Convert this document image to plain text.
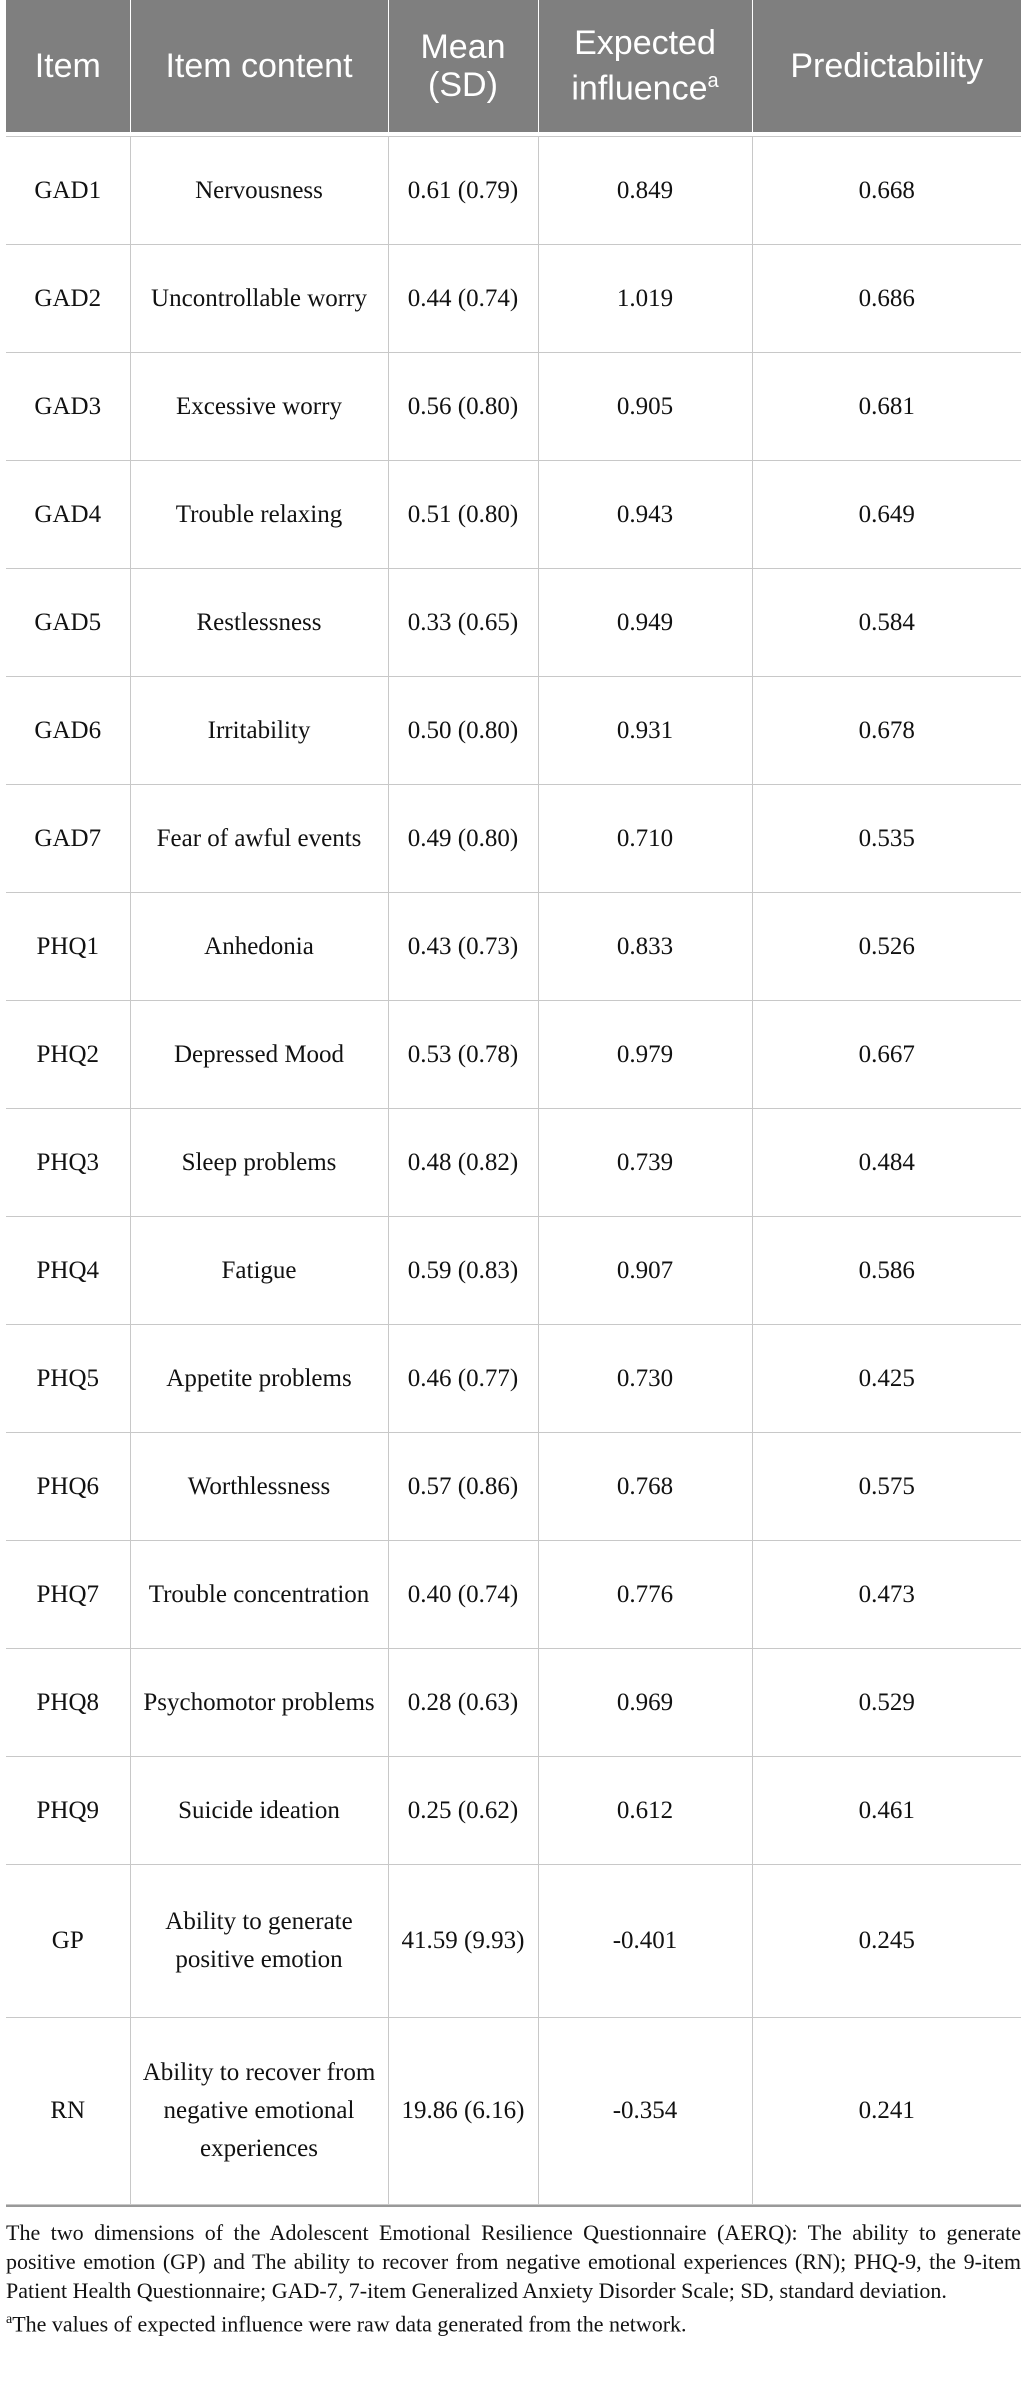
Item	Item content	Mean (SD)	Expected influence$^a$	Predictability

GAD1	Nervousness	0.61 (0.79)	0.849	0.668
GAD2	Uncontrollable worry	0.44 (0.74)	1.019	0.686
GAD3	Excessive worry	0.56 (0.80)	0.905	0.681
GAD4	Trouble relaxing	0.51 (0.80)	0.943	0.649
GAD5	Restlessness	0.33 (0.65)	0.949	0.584
GAD6	Irritability	0.50 (0.80)	0.931	0.678
GAD7	Fear of awful events	0.49 (0.80)	0.710	0.535
PHQ1	Anhedonia	0.43 (0.73)	0.833	0.526
PHQ2	Depressed Mood	0.53 (0.78)	0.979	0.667
PHQ3	Sleep problems	0.48 (0.82)	0.739	0.484
PHQ4	Fatigue	0.59 (0.83)	0.907	0.586
PHQ5	Appetite problems	0.46 (0.77)	0.730	0.425
PHQ6	Worthlessness	0.57 (0.86)	0.768	0.575
PHQ7	Trouble concentration	0.40 (0.74)	0.776	0.473
PHQ8	Psychomotor problems	0.28 (0.63)	0.969	0.529
PHQ9	Suicide ideation	0.25 (0.62)	0.612	0.461
GP	Ability to generate positive emotion	41.59 (9.93)	-0.401	0.245
RN	Ability to recover from negative emotional experiences	19.86 (6.16)	-0.354	0.241

The two dimensions of the Adolescent Emotional Resilience Questionnaire (AERQ): The ability to generate positive emotion (GP) and The ability to recover from negative emotional experiences (RN); PHQ-9, the 9-item Patient Health Questionnaire; GAD-7, 7-item Generalized Anxiety Disorder Scale; SD, standard deviation.

$^a$The values of expected influence were raw data generated from the network.
